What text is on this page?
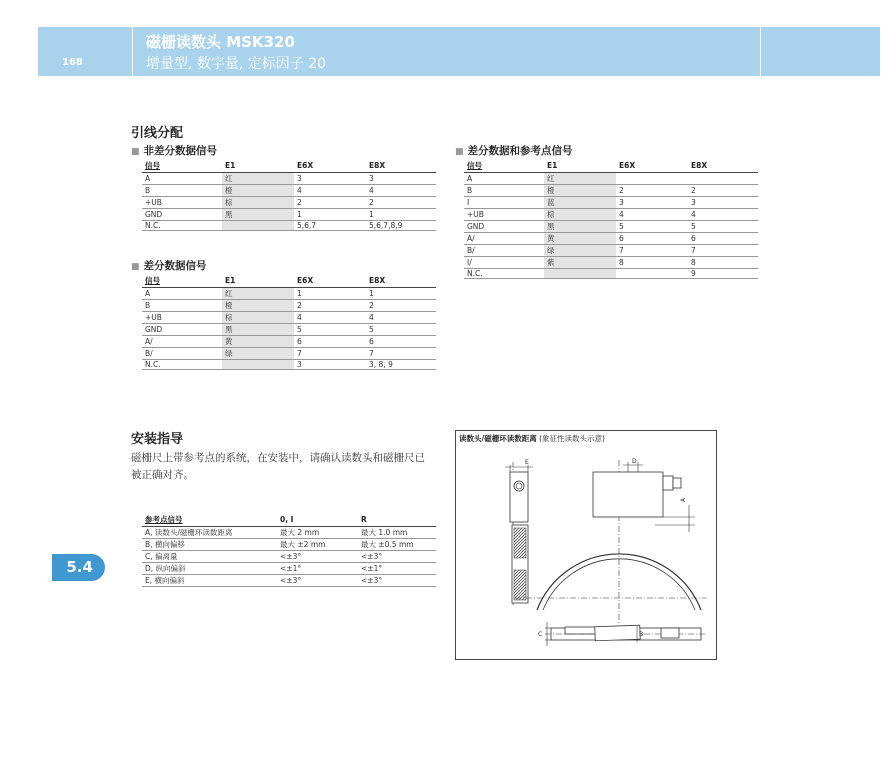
168
磁栅读数头 MSK320
增量型, 数字量, 定标因子 20
引线分配
■ 非差分数据信号
信号	E1	E6X	E8X
A	红	3	3
B	橙	4	4
+UB	棕	2	2
GND	黑	1	1
N.C.		5,6,7	5,6,7,8,9
■ 差分数据信号
信号	E1	E6X	E8X
A	红	1	1
B	橙	2	2
+UB	棕	4	4
GND	黑	5	5
A/	黄	6	6
B/	绿	7	7
N.C.		3	3, 8, 9
■ 差分数据和参考点信号
信号	E1	E6X	E8X
A	红		
B	橙	2	2
I	蓝	3	3
+UB	棕	4	4
GND	黑	5	5
A/	黄	6	6
B/	绿	7	7
I/	紫	8	8
N.C.			9
安装指导
磁栅尺上带参考点的系统，在安装中，请确认读数头和磁栅尺已被正确对齐。
参考点信号	0, I	R
A, 读数头/磁栅环读数距离	最大 2 mm	最大 1.0 mm
B, 横向偏移	最大 ±2 mm	最大 ±0.5 mm
C, 偏离量	<±3°	<±3°
D, 纵向偏斜	<±1°	<±1°
E, 横向偏斜	<±3°	<±3°
5.4
读数头/磁栅环读数距离 (象征性读数头示意)
E	D
A
C	B
